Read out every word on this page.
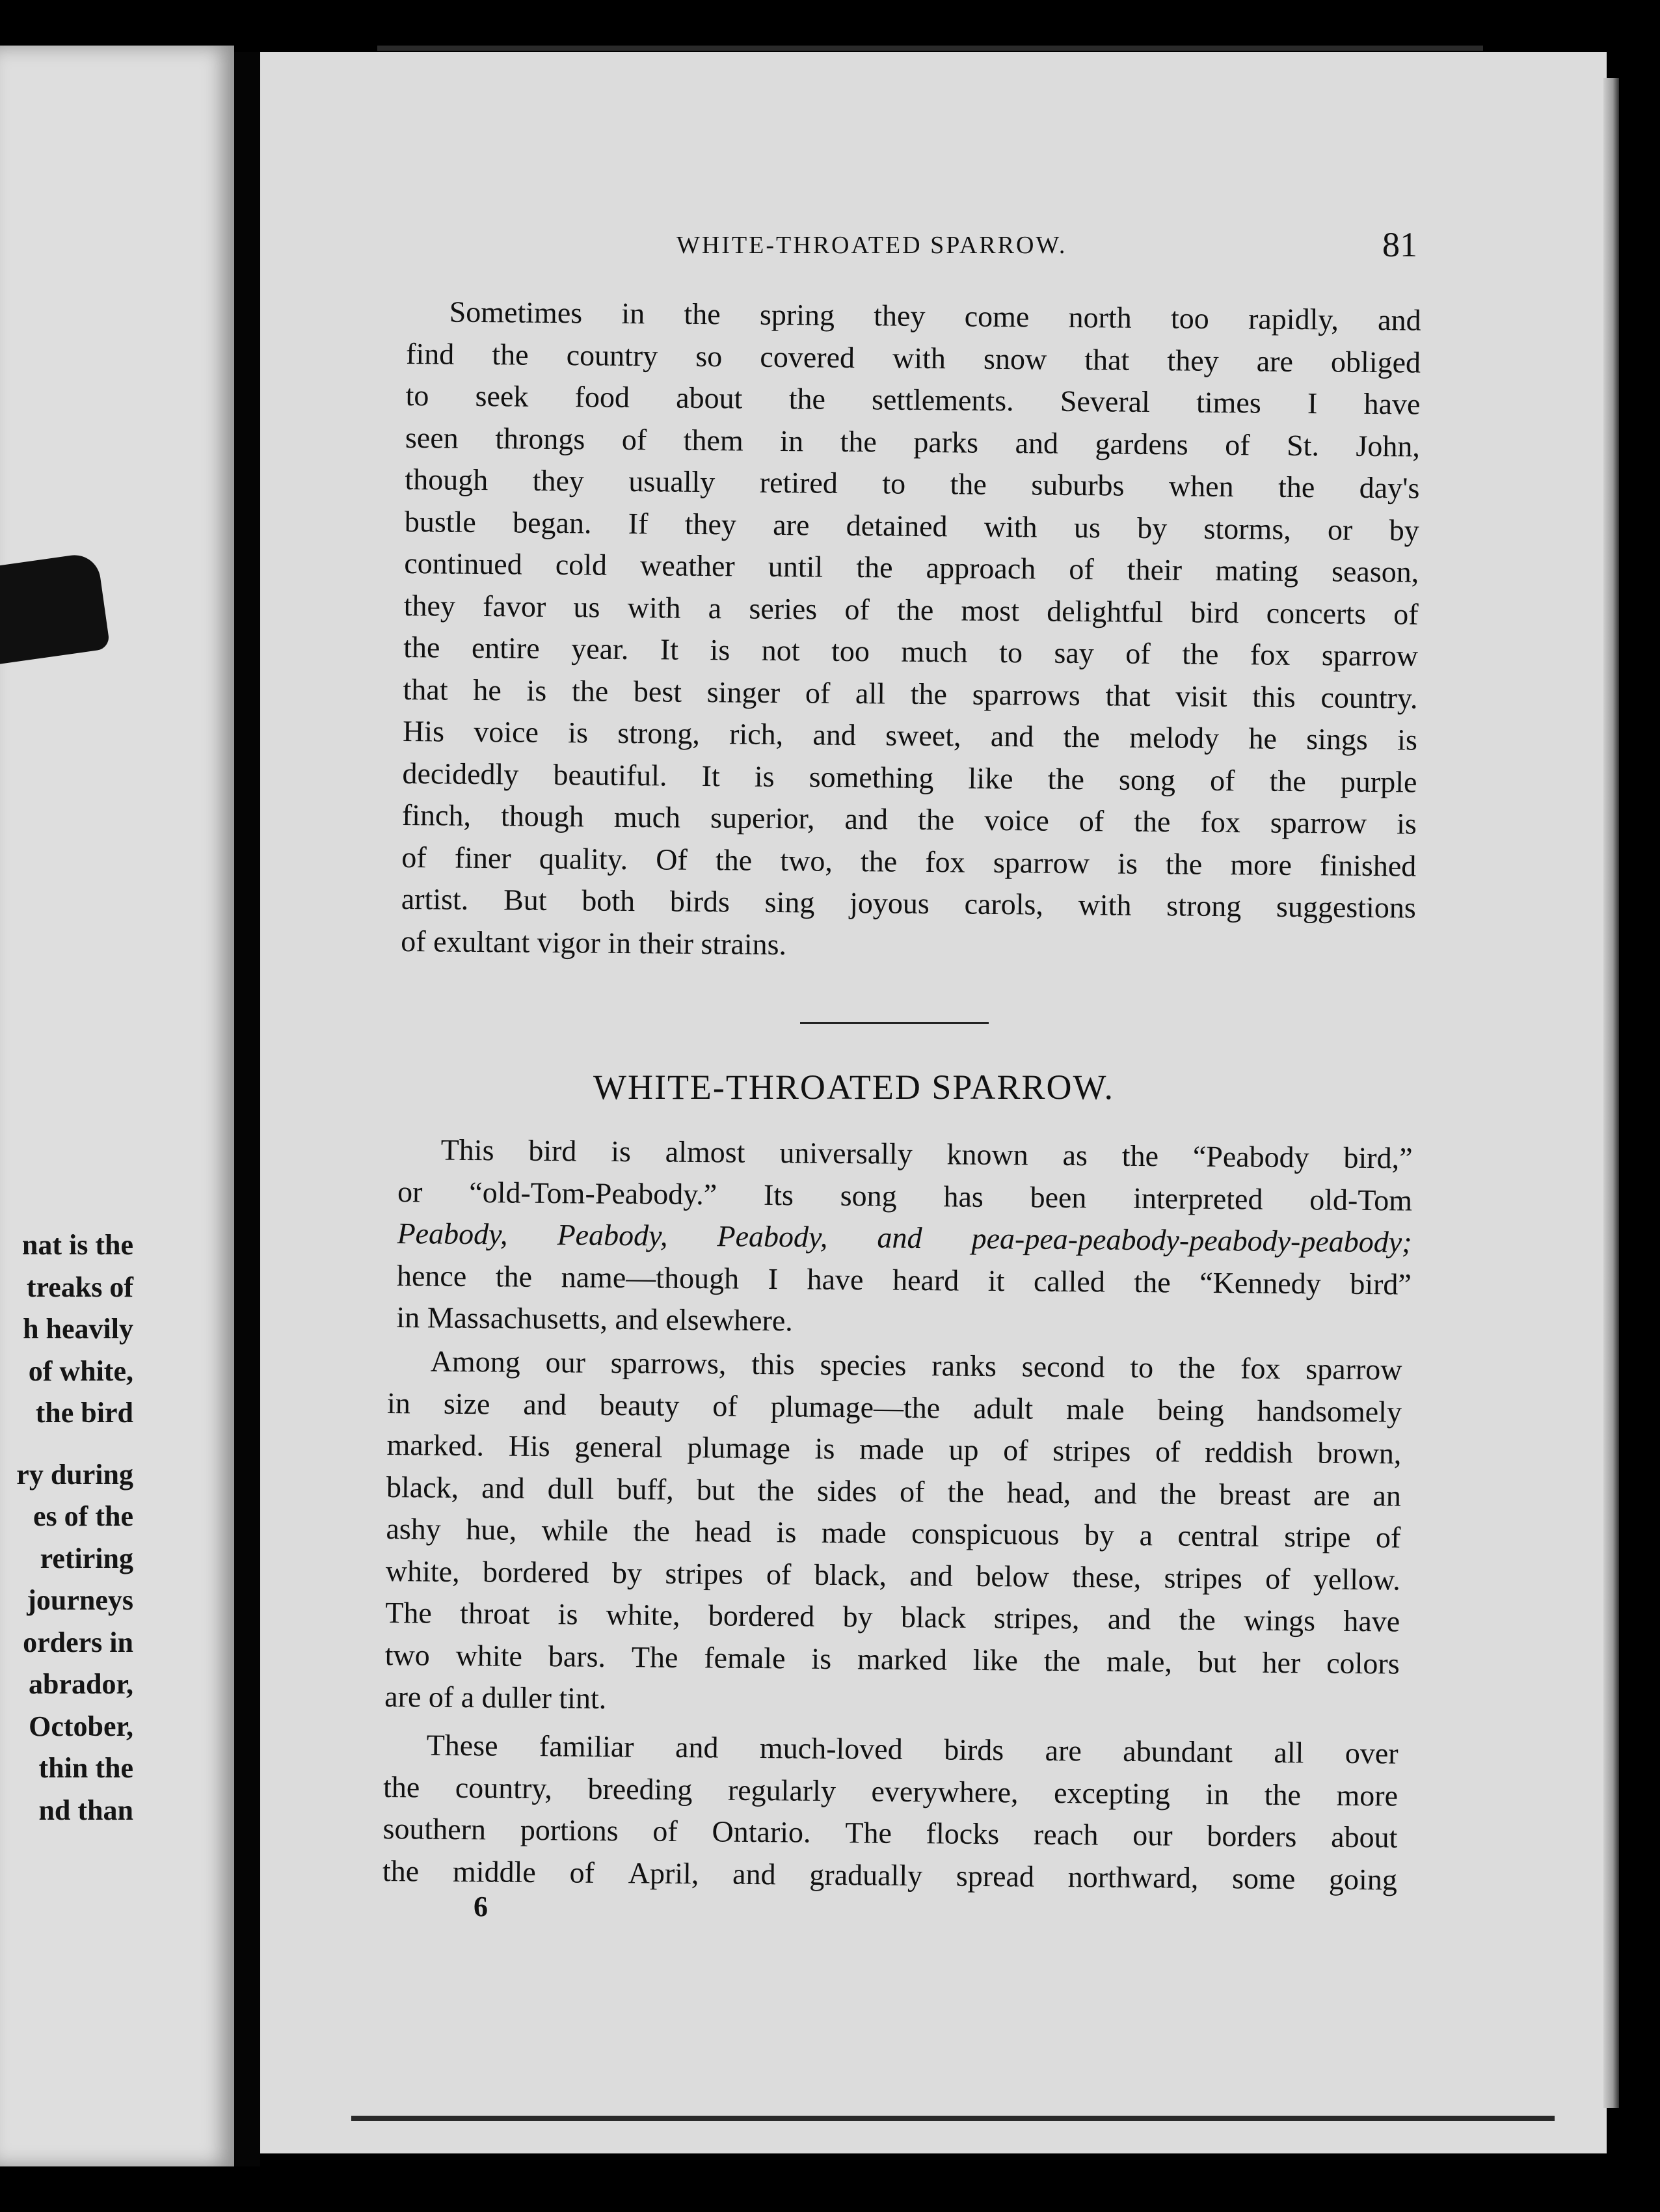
nat is the
treaks of
h heavily
of white,
the bird
ry during
es of the
retiring
journeys
orders in
abrador,
October,
thin the
nd than
WHITE-THROATED SPARROW.	81
Sometimes in the spring they come north too rapidly, and
find the country so covered with snow that they are obliged
to seek food about the settlements. Several times I have
seen throngs of them in the parks and gardens of St. John,
though they usually retired to the suburbs when the day's
bustle began. If they are detained with us by storms, or by
continued cold weather until the approach of their mating season,
they favor us with a series of the most delightful bird concerts of
the entire year. It is not too much to say of the fox sparrow
that he is the best singer of all the sparrows that visit this country.
His voice is strong, rich, and sweet, and the melody he sings is
decidedly beautiful. It is something like the song of the purple
finch, though much superior, and the voice of the fox sparrow is
of finer quality. Of the two, the fox sparrow is the more finished
artist. But both birds sing joyous carols, with strong suggestions
of exultant vigor in their strains.
WHITE-THROATED SPARROW.
This bird is almost universally known as the “Peabody bird,”
or “old-Tom-Peabody.” Its song has been interpreted old-Tom
Peabody, Peabody, Peabody, and pea-pea-peabody-peabody-peabody;
hence the name—though I have heard it called the “Kennedy bird”
in Massachusetts, and elsewhere.
Among our sparrows, this species ranks second to the fox sparrow
in size and beauty of plumage—the adult male being handsomely
marked. His general plumage is made up of stripes of reddish brown,
black, and dull buff, but the sides of the head, and the breast are an
ashy hue, while the head is made conspicuous by a central stripe of
white, bordered by stripes of black, and below these, stripes of yellow.
The throat is white, bordered by black stripes, and the wings have
two white bars. The female is marked like the male, but her colors
are of a duller tint.
These familiar and much-loved birds are abundant all over
the country, breeding regularly everywhere, excepting in the more
southern portions of Ontario. The flocks reach our borders about
the middle of April, and gradually spread northward, some going
6
